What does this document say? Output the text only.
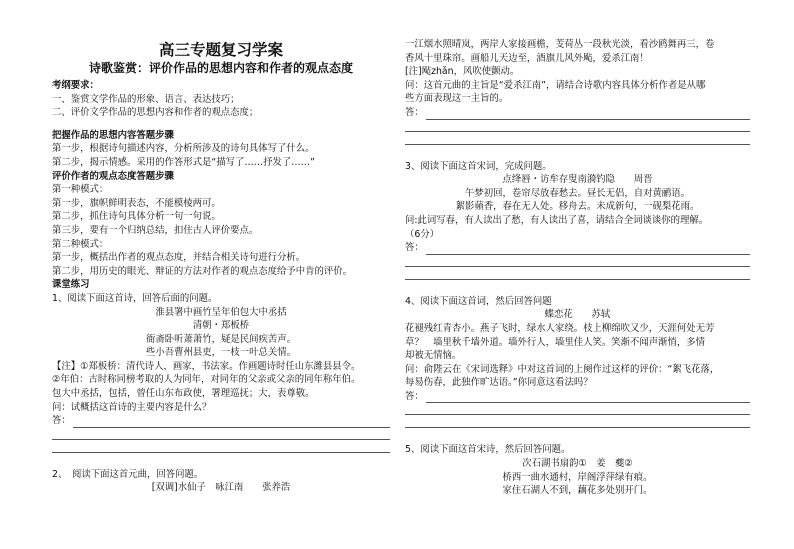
高三专题复习学案
诗歌鉴赏：评价作品的思想内容和作者的观点态度

考纲要求：

一、鉴赏文学作品的形象、语言、表达技巧；

二、评价文学作品的思想内容和作者的观点态度；

把握作品的思想内容答题步骤

第一步，根据诗句描述内容，分析所涉及的诗句具体写了什么。

第二步，揭示情感。采用的作答形式是“描写了……抒发了……”

评价作者的观点态度答题步骤

第一种模式：

第一步，旗帜鲜明表态，不能模棱两可。

第二步，抓住诗句具体分析一句一句说。

第三步，要有一个归纳总结，扣住古人评价要点。

第二种模式：

第一步，概括出作者的观点态度，并结合相关诗句进行分析。

第二步，用历史的眼光、辩证的方法对作者的观点态度给予中肯的评价。

课堂练习

1、阅读下面这首诗，回答后面的问题。

淮县署中画竹呈年伯包大中丞括

清朝・郑板桥

衙斋卧听萧萧竹，疑是民间疾苦声。

些小吾曹州县吏，一枝一叶总关情。

【注】①郑板桥：清代诗人，画家，书法家。作画题诗时任山东潍县县令。

②年伯：古时称同榜考取的人为同年，对同年的父亲或父亲的同年称年伯。

包大中丞括，包括，曾任山东布政使，署理巡抚；大，表尊敬。

问：试概括这首诗的主要内容是什么？

答：

2、　阅读下面这首元曲，回答问题。

[双调]水仙子　咏江南　　张养浩

一江烟水照晴岚，两岸人家接画檐，芰荷丛一段秋光淡，看沙鸥舞再三，卷

香风十里珠帘。画船儿天边至，酒旗儿风外飐，爱杀江南！

[注]飐zhǎn，风吹使颤动。

问：这首元曲的主旨是“爱杀江南”，请结合诗歌内容具体分析作者是从哪

些方面表现这一主旨的。

答：

3、阅读下面这首宋词，完成问题。

点绛唇・访牟存叟南漪钓隐　　周晋

午梦初回，卷帘尽放春愁去。昼长无侣，自对黄鹂语。

絮影蘋香，春在无人处。移舟去。未成新句，一砚梨花雨。

问:此词写春，有人读出了愁，有人读出了喜，请结合全词谈谈你的理解。

（6分）

答：

4、阅读下面这首词，然后回答问题

蝶恋花　　苏轼

花褪残红青杏小。燕子飞时，绿水人家绕。枝上柳绵吹又少，天涯何处无芳

草？　墙里秋千墙外道。墙外行人，墙里佳人笑。笑渐不闻声渐悄，多情

却被无情恼。

问：俞陛云在《宋词选释》中对这首词的上阕作过这样的评价：“絮飞花落，

每易伤春，此独作旷达语。”你同意这看法吗？

答：

5、阅读下面这首宋诗，然后回答问题。

次石湖书扇韵①　姜　夔②

桥西一曲水通村，岸阁浮萍绿有痕。

家住石湖人不到，藕花多处别开门。
